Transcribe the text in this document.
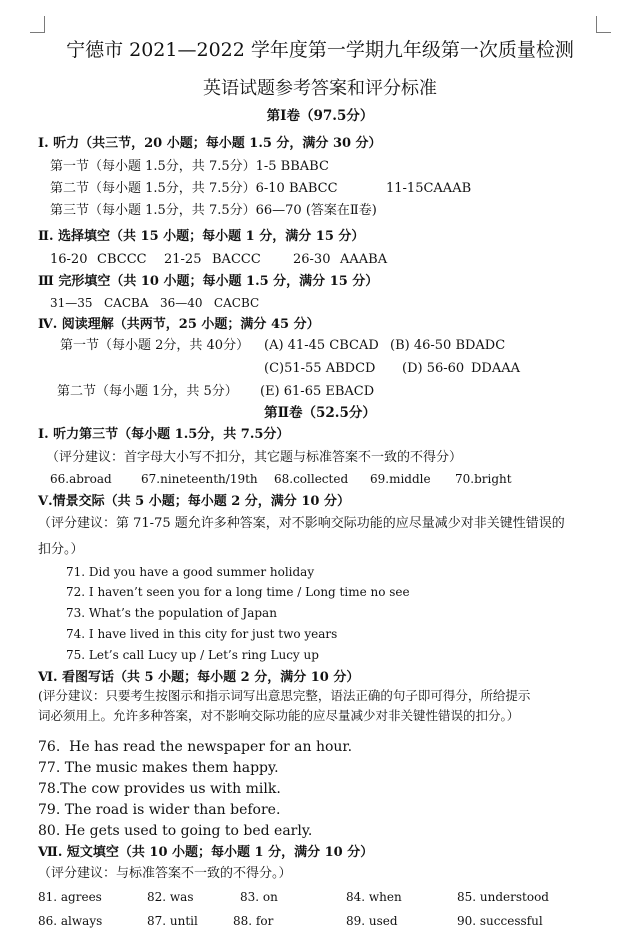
宁德市 2021—2022 学年度第一学期九年级第一次质量检测
英语试题参考答案和评分标准
第Ⅰ卷（97.5分）
Ⅰ. 听力（共三节，20 小题；每小题 1.5 分，满分 30 分）
第一节（每小题 1.5分，共 7.5分）1-5 BBABC
第二节（每小题 1.5分，共 7.5分）6-10 BABCC	11-15CAAAB
第三节（每小题 1.5分，共 7.5分）66—70 (答案在Ⅱ卷)
Ⅱ. 选择填空（共 15 小题；每小题 1 分，满分 15 分）
16-20 CBCCC 21-25 BACCC 26-30 AAABA
Ⅲ 完形填空（共 10 小题；每小题 1.5 分，满分 15 分）
31—35   CACBA   36—40   CACBC
Ⅳ. 阅读理解（共两节，25 小题；满分 45 分）
第一节（每小题 2分，共 40分） (A) 41-45 CBCAD (B) 46-50 BDADC
(C)51-55 ABDCD (D) 56-60 DDAAA
第二节（每小题 1分，共 5分） (E) 61-65 EBACD
第Ⅱ卷（52.5分）
Ⅰ. 听力第三节（每小题 1.5分，共 7.5分）
（评分建议：首字母大小写不扣分，其它题与标准答案不一致的不得分）
66.abroad 67.nineteenth/19th 68.collected 69.middle 70.bright
Ⅴ.情景交际（共 5 小题；每小题 2 分，满分 10 分）
（评分建议：第 71-75 题允许多种答案，对不影响交际功能的应尽量减少对非关键性错误的
扣分。）
71. Did you have a good summer holiday
72. I haven’t seen you for a long time / Long time no see
73. What’s the population of Japan
74. I have lived in this city for just two years
75. Let’s call Lucy up / Let’s ring Lucy up
Ⅵ. 看图写话（共 5 小题；每小题 2 分，满分 10 分）
(评分建议：只要考生按图示和指示词写出意思完整，语法正确的句子即可得分，所给提示
词必须用上。允许多种答案，对不影响交际功能的应尽量减少对非关键性错误的扣分。）
76.  He has read the newspaper for an hour.
77. The music makes them happy.
78.The cow provides us with milk.
79. The road is wider than before.
80. He gets used to going to bed early.
Ⅶ. 短文填空（共 10 小题；每小题 1 分，满分 10 分）
（评分建议：与标准答案不一致的不得分。）
81. agrees	82. was	83. on	84. when	85. understood
86. always	87. until	88. for	89. used	90. successful
